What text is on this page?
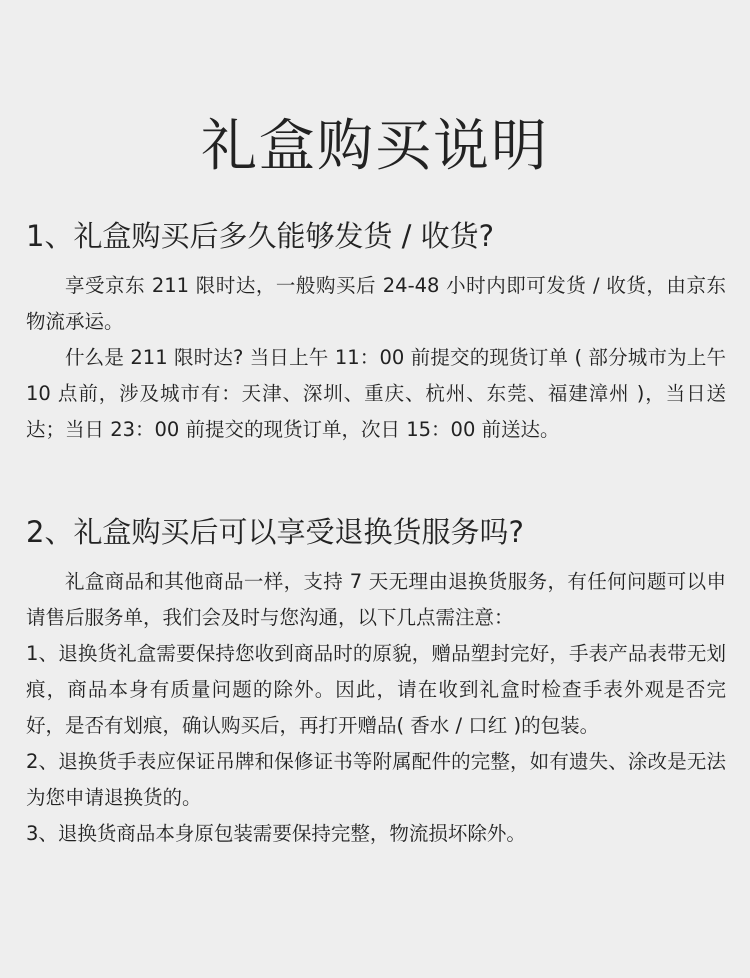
礼盒购买说明
1、礼盒购买后多久能够发货 / 收货?

享受京东 211 限时达，一般购买后 24-48 小时内即可发货 / 收货，由京东物流承运。

什么是 211 限时达? 当日上午 11：00 前提交的现货订单 ( 部分城市为上午 10 点前，涉及城市有：天津、深圳、重庆、杭州、东莞、福建漳州 )，当日送达；当日 23：00 前提交的现货订单，次日 15：00 前送达。

2、礼盒购买后可以享受退换货服务吗?

礼盒商品和其他商品一样，支持 7 天无理由退换货服务，有任何问题可以申请售后服务单，我们会及时与您沟通，以下几点需注意：

1、退换货礼盒需要保持您收到商品时的原貌，赠品塑封完好，手表产品表带无划痕，商品本身有质量问题的除外。因此，请在收到礼盒时检查手表外观是否完好，是否有划痕，确认购买后，再打开赠品( 香水 / 口红 )的包装。

2、退换货手表应保证吊牌和保修证书等附属配件的完整，如有遗失、涂改是无法为您申请退换货的。

3、退换货商品本身原包装需要保持完整，物流损坏除外。
